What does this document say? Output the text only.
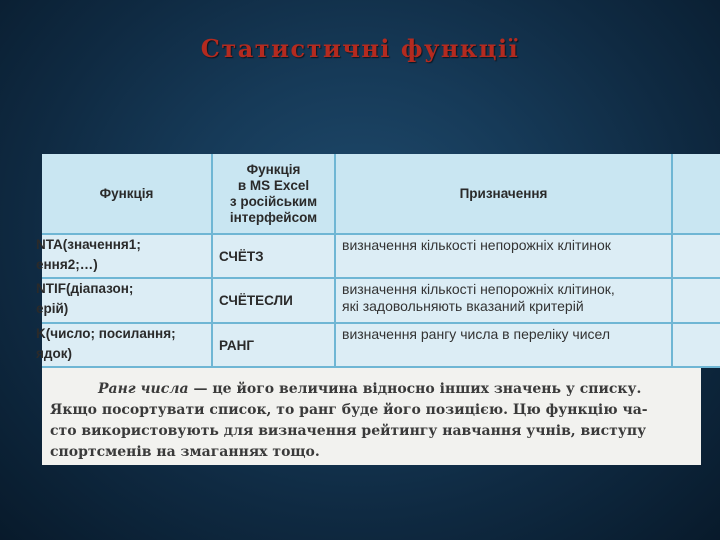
Статистичні функції
Функція
Функція
в MS Excel
з російським
інтерфейсом
Призначення
NTA(значення1;
ення2;…)
СЧЁТЗ
визначення кількості непорожніх клітинок
NTIF(діапазон;
ерій)
СЧЁТЕСЛИ
визначення кількості непорожніх клітинок,
які задовольняють вказаний критерій
K(число; посилання;
ядок)
РАНГ
визначення рангу числа в переліку чисел
Ранг числа — це його величина відносно інших значень у списку.
Якщо посортувати список, то ранг буде його позицією. Цю функцію ча-
сто використовують для визначення рейтингу навчання учнів, виступу
спортсменів на змаганнях тощо.
